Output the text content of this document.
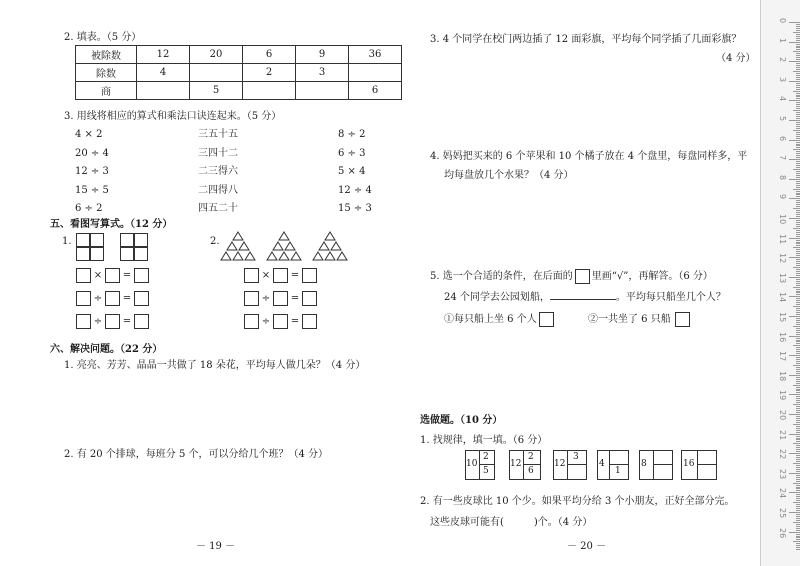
2. 填表。（5 分）
被除数	12	20	6	9	36
除数	4		2	3	
商		5			6
3. 用线将相应的算式和乘法口诀连起来。（5 分）
4 × 2
20 ÷ 4
12 ÷ 3
15 ÷ 5
6 ÷ 2
三五十五
三四十二
二三得六
二四得八
四五二十
8 ÷ 2
6 ÷ 3
5 × 4
12 ÷ 4
15 ÷ 3
五、看图写算式。（12 分）
1.	2.
× =
÷ =
÷ =
× =
÷ =
÷ =
六、解决问题。（22 分）
1. 亮亮、芳芳、晶晶一共做了 18 朵花，平均每人做几朵？（4 分）
2. 有 20 个排球，每班分 5 个，可以分给几个班？（4 分）
－ 19 －
3. 4 个同学在校门两边插了 12 面彩旗，平均每个同学插了几面彩旗？
（4 分）
4. 妈妈把买来的 6 个苹果和 10 个橘子放在 4 个盘里，每盘同样多，平
均每盘放几个水果？（4 分）
5. 选一个合适的条件，在后面的 里画“√”，再解答。（6 分）
24 个同学去公园划船，	。平均每只船坐几个人？
①每只船上坐 6 个人	②一共坐了 6 只船
选做题。（10 分）
1. 找规律，填一填。（6 分）
10
2
5
12
2
6
12
3
4
1
8	16
2. 有一些皮球比 10 个少。如果平均分给 3 个小朋友，正好全部分完。
这些皮球可能有(　　　)个。（4 分）
－ 20 －
0
1
2
3
4
5
6
7
8
9
10
11
12
13
14
15
16
17
18
19
20
21
22
23
24
25
26
